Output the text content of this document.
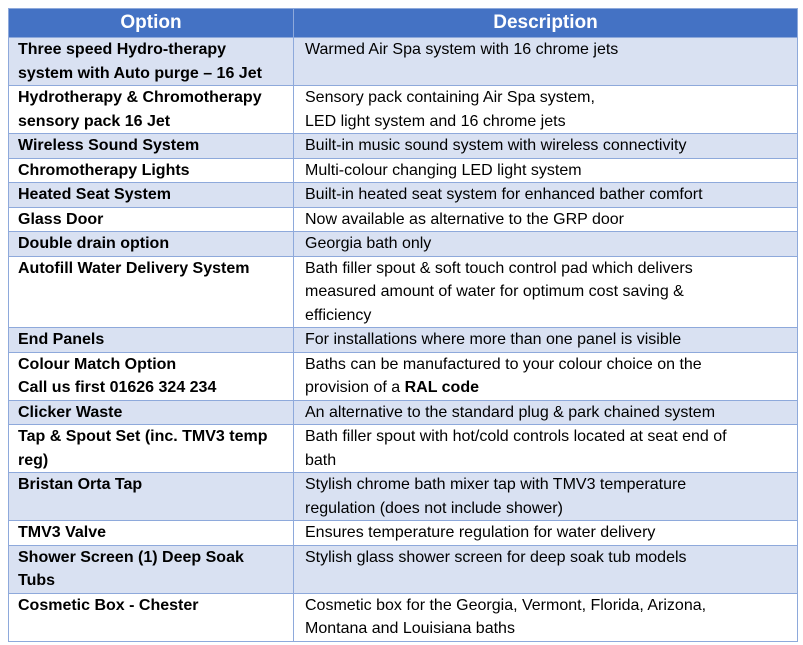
Option	Description

Three speed Hydro-therapy
system with Auto purge – 16 Jet	Warmed Air Spa system with 16 chrome jets

Hydrotherapy & Chromotherapy
sensory pack 16 Jet	Sensory pack containing Air Spa system,
LED light system and 16 chrome jets

Wireless Sound System	Built-in music sound system with wireless connectivity

Chromotherapy Lights	Multi-colour changing LED light system

Heated Seat System	Built-in heated seat system for enhanced bather comfort

Glass Door	Now available as alternative to the GRP door

Double drain option	Georgia bath only

Autofill Water Delivery System	Bath filler spout & soft touch control pad which delivers
measured amount of water for optimum cost saving &
efficiency

End Panels	For installations where more than one panel is visible

Colour Match Option
Call us first 01626 324 234	Baths can be manufactured to your colour choice on the
provision of a RAL code

Clicker Waste	An alternative to the standard plug & park chained system

Tap & Spout Set (inc. TMV3 temp
reg)	Bath filler spout with hot/cold controls located at seat end of
bath

Bristan Orta Tap	Stylish chrome bath mixer tap with TMV3 temperature
regulation (does not include shower)

TMV3 Valve	Ensures temperature regulation for water delivery

Shower Screen (1) Deep Soak
Tubs	Stylish glass shower screen for deep soak tub models

Cosmetic Box - Chester	Cosmetic box for the Georgia, Vermont, Florida, Arizona,
Montana and Louisiana baths
